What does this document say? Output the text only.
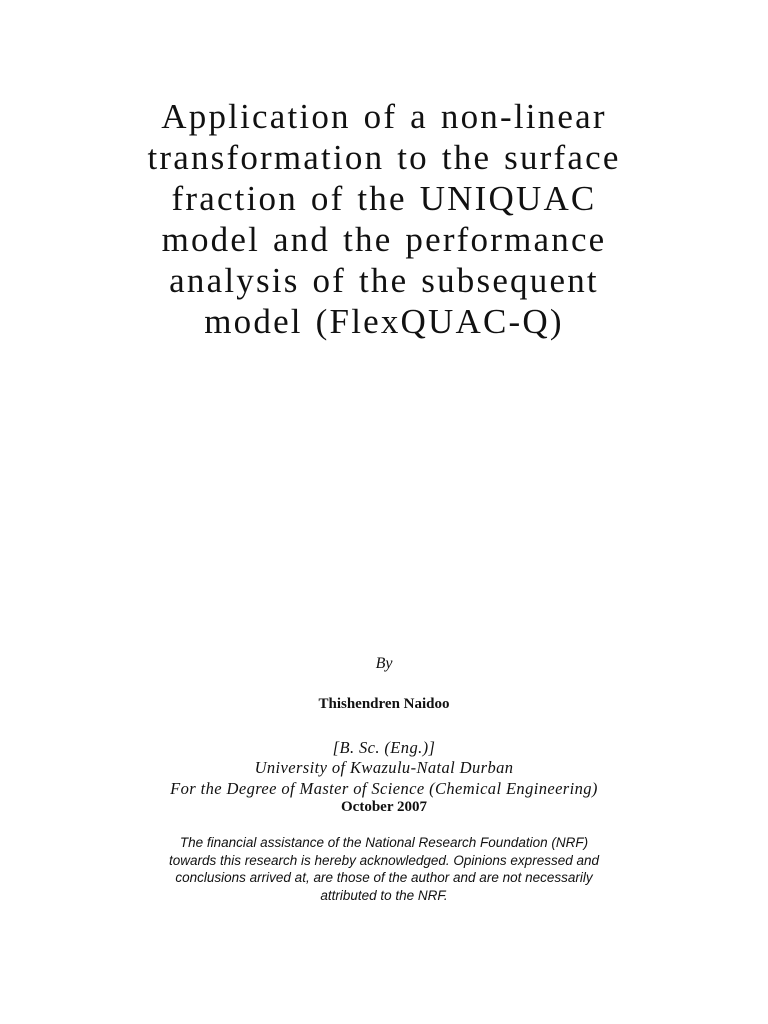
Application of a non-linear
transformation to the surface
fraction of the UNIQUAC
model and the performance
analysis of the subsequent
model (FlexQUAC-Q)
By
Thishendren Naidoo
[B. Sc. (Eng.)]
University of Kwazulu-Natal Durban
For the Degree of Master of Science (Chemical Engineering)
October 2007
The financial assistance of the National Research Foundation (NRF)
towards this research is hereby acknowledged. Opinions expressed and
conclusions arrived at, are those of the author and are not necessarily
attributed to the NRF.
